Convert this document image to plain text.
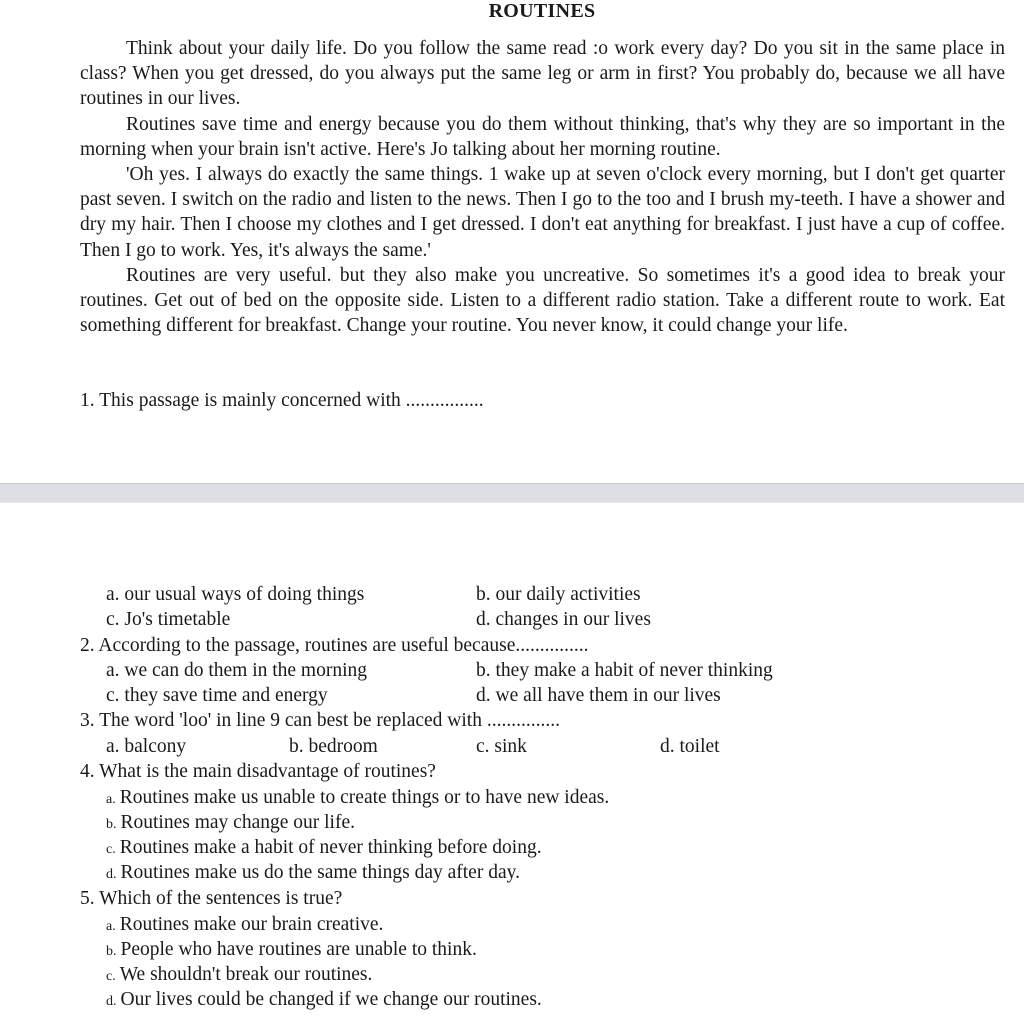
ROUTINES

Think about your daily life. Do you follow the same read :o work every day? Do you sit in the same place in class? When you get dressed, do you always put the same leg or arm in first? You probably do, because we all have routines in our lives.

Routines save time and energy because you do them without thinking, that's why they are so important in the morning when your brain isn't active. Here's Jo talking about her morning routine.

'Oh yes. I always do exactly the same things. 1 wake up at seven o'clock every morning, but I don't get quarter past seven. I switch on the radio and listen to the news. Then I go to the too and I brush my-teeth. I have a shower and dry my hair. Then I choose my clothes and I get dressed. I don't eat anything for breakfast. I just have a cup of coffee. Then I go to work. Yes, it's always the same.'

Routines are very useful. but they also make you uncreative. So sometimes it's a good idea to break your routines. Get out of bed on the opposite side. Listen to a different radio station. Take a different route to work. Eat something different for breakfast. Change your routine. You never know, it could change your life.

1. This passage is mainly concerned with ................
a. our usual ways of doing things	b. our daily activities
c. Jo's timetable	d. changes in our lives
2. According to the passage, routines are useful because...............
a. we can do them in the morning	b. they make a habit of never thinking
c. they save time and energy	d. we all have them in our lives
3. The word 'loo' in line 9 can best be replaced with ...............
a. balcony	b. bedroom	c. sink	d. toilet
4. What is the main disadvantage of routines?
a. Routines make us unable to create things or to have new ideas.
b. Routines may change our life.
c. Routines make a habit of never thinking before doing.
d. Routines make us do the same things day after day.
5. Which of the sentences is true?
a. Routines make our brain creative.
b. People who have routines are unable to think.
c. We shouldn't break our routines.
d. Our lives could be changed if we change our routines.
